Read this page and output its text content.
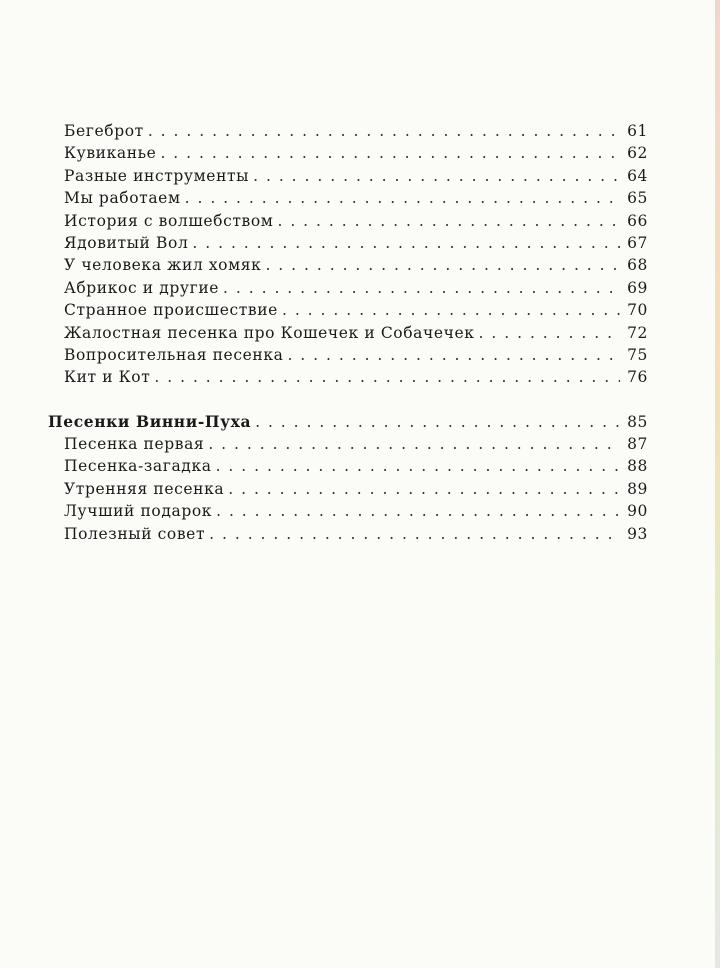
Бегеброт . . .	61
Кувиканье . . .	62
Разные инструменты . . .	64
Мы работаем . . .	65
История с волшебством . . .	66
Ядовитый Вол . . .	67
У человека жил хомяк . . .	68
Абрикос и другие . . .	69
Странное происшествие . . .	70
Жалостная песенка про Кошечек и Собачечек . . .	72
Вопросительная песенка . . .	75
Кит и Кот . . .	76
Песенки Винни-Пуха . . .	85
Песенка первая . . .	87
Песенка-загадка . . .	88
Утренняя песенка . . .	89
Лучший подарок . . .	90
Полезный совет . . .	93
